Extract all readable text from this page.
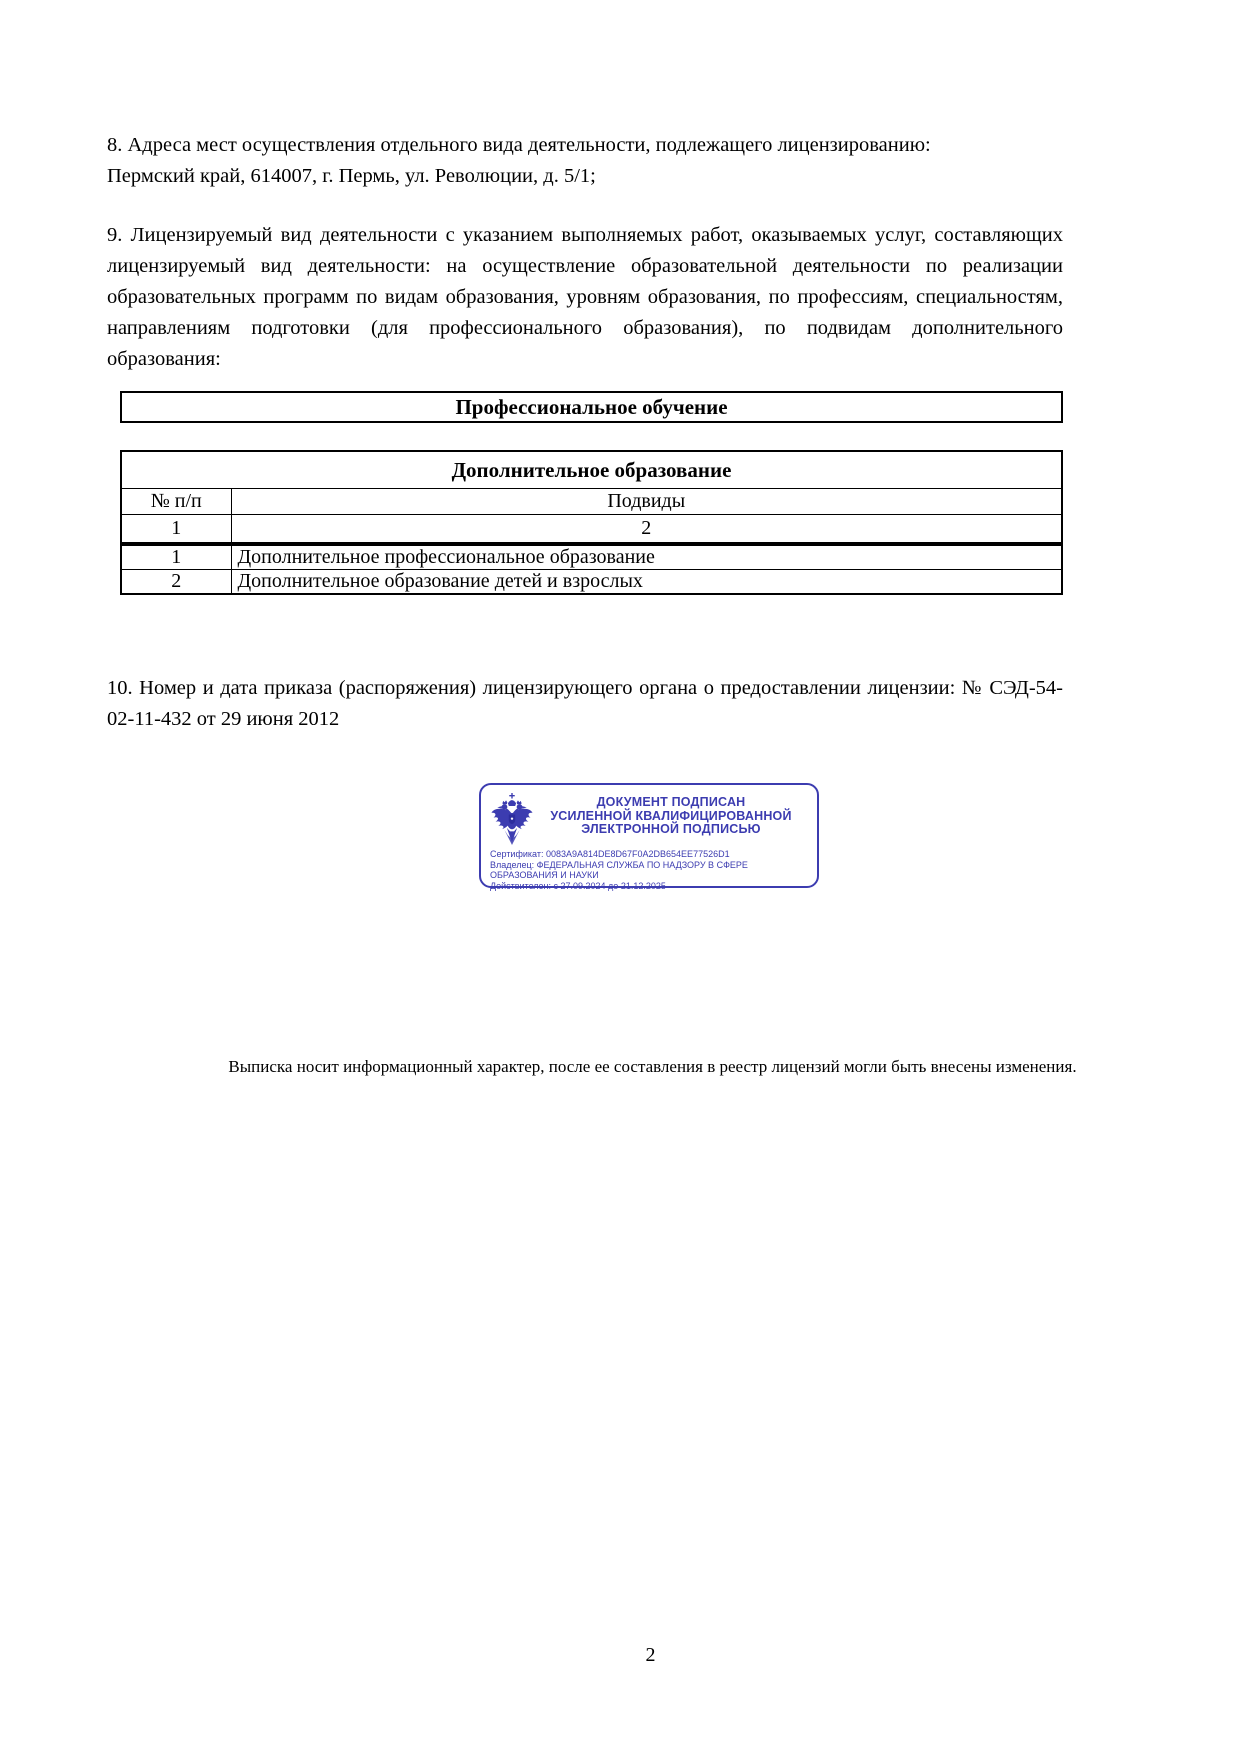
8. Адреса мест осуществления отдельного вида деятельности, подлежащего лицензированию:
Пермский край, 614007, г. Пермь, ул. Революции, д. 5/1;

9. Лицензируемый вид деятельности с указанием выполняемых работ, оказываемых услуг, составляющих лицензируемый вид деятельности: на осуществление образовательной деятельности по реализации образовательных программ по видам образования, уровням образования, по профессиям, специальностям, направлениям подготовки (для профессионального образования), по подвидам дополнительного образования:

Профессиональное обучение
Дополнительное образование	
№ п/п	Подвиды
1	2
1	Дополнительное профессиональное образование
2	Дополнительное образование детей и взрослых

10. Номер и дата приказа (распоряжения) лицензирующего органа о предоставлении лицензии: № СЭД-54-02-11-432 от 29 июня 2012

ДОКУМЕНТ ПОДПИСАН
УСИЛЕННОЙ КВАЛИФИЦИРОВАННОЙ
ЭЛЕКТРОННОЙ ПОДПИСЬЮ
Сертификат: 0083A9A814DE8D67F0A2DB654EE77526D1
Владелец: ФЕДЕРАЛЬНАЯ СЛУЖБА ПО НАДЗОРУ В СФЕРЕ ОБРАЗОВАНИЯ И НАУКИ
Действителен: с 27.09.2024 до 21.12.2025
Выписка носит информационный характер, после ее составления в реестр лицензий могли быть внесены изменения.
2
